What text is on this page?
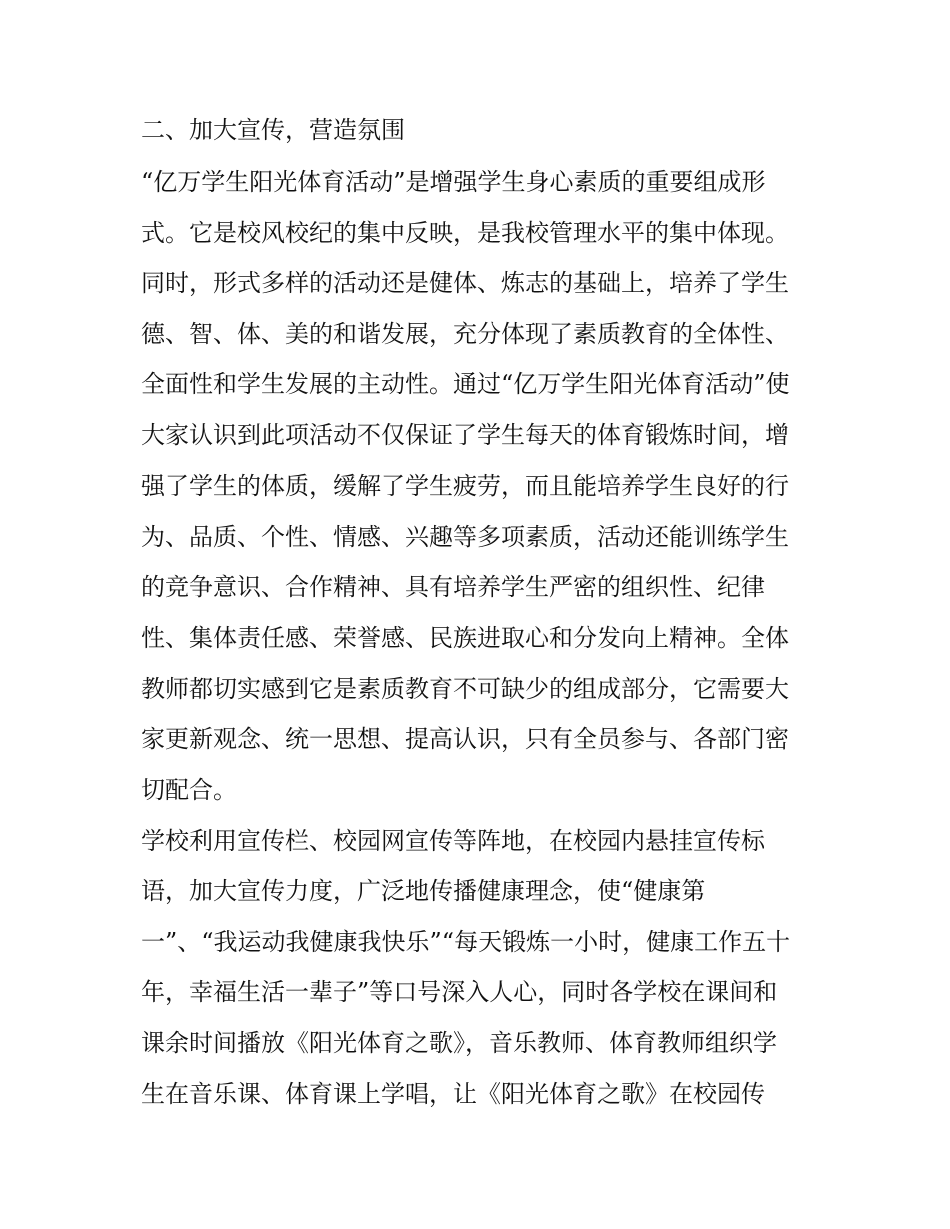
二、加大宣传，营造氛围
“亿万学生阳光体育活动”是增强学生身心素质的重要组成形
式。它是校风校纪的集中反映，是我校管理水平的集中体现。
同时，形式多样的活动还是健体、炼志的基础上，培养了学生
德、智、体、美的和谐发展，充分体现了素质教育的全体性、
全面性和学生发展的主动性。通过“亿万学生阳光体育活动”使
大家认识到此项活动不仅保证了学生每天的体育锻炼时间，增
强了学生的体质，缓解了学生疲劳，而且能培养学生良好的行
为、品质、个性、情感、兴趣等多项素质，活动还能训练学生
的竞争意识、合作精神、具有培养学生严密的组织性、纪律
性、集体责任感、荣誉感、民族进取心和分发向上精神。全体
教师都切实感到它是素质教育不可缺少的组成部分，它需要大
家更新观念、统一思想、提高认识，只有全员参与、各部门密
切配合。
学校利用宣传栏、校园网宣传等阵地，在校园内悬挂宣传标
语，加大宣传力度，广泛地传播健康理念，使“健康第
一”、“我运动我健康我快乐”“每天锻炼一小时，健康工作五十
年，幸福生活一辈子”等口号深入人心，同时各学校在课间和
课余时间播放《阳光体育之歌》，音乐教师、体育教师组织学
生在音乐课、体育课上学唱，让《阳光体育之歌》在校园传
